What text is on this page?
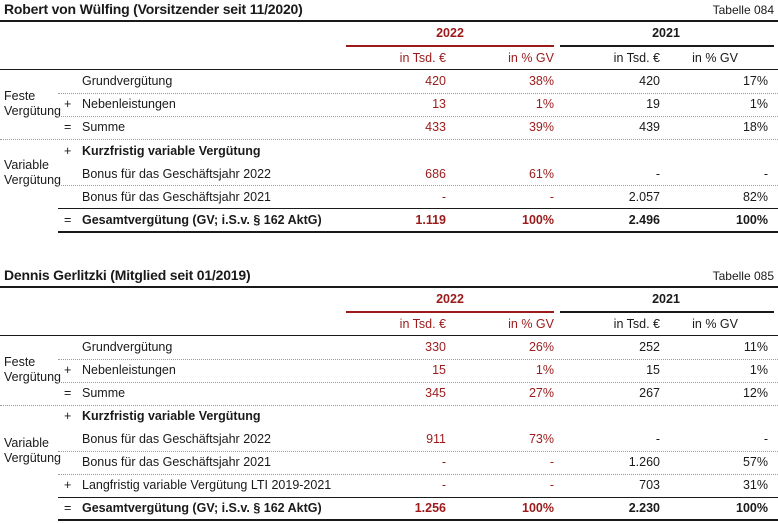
Robert von Wülfing (Vorsitzender seit 11/2020)	Tabelle 084
2022	2021
in Tsd. €	in % GV	in Tsd. €	in % GV
Feste Vergütung
Variable Vergütung
Grundvergütung	420	38%	420	17%
+ Nebenleistungen	13	1%	19	1%
= Summe	433	39%	439	18%
+ Kurzfristig variable Vergütung
Bonus für das Geschäftsjahr 2022	686	61%	-	-
Bonus für das Geschäftsjahr 2021	-	-	2.057	82%
= Gesamtvergütung (GV; i.S.v. § 162 AktG)	1.119	100%	2.496	100%
Dennis Gerlitzki (Mitglied seit 01/2019)	Tabelle 085
2022	2021
in Tsd. €	in % GV	in Tsd. €	in % GV
Feste Vergütung
Variable Vergütung
Grundvergütung	330	26%	252	11%
+ Nebenleistungen	15	1%	15	1%
= Summe	345	27%	267	12%
+ Kurzfristig variable Vergütung
Bonus für das Geschäftsjahr 2022	911	73%	-	-
Bonus für das Geschäftsjahr 2021	-	-	1.260	57%
+ Langfristig variable Vergütung LTI 2019-2021	-	-	703	31%
= Gesamtvergütung (GV; i.S.v. § 162 AktG)	1.256	100%	2.230	100%
